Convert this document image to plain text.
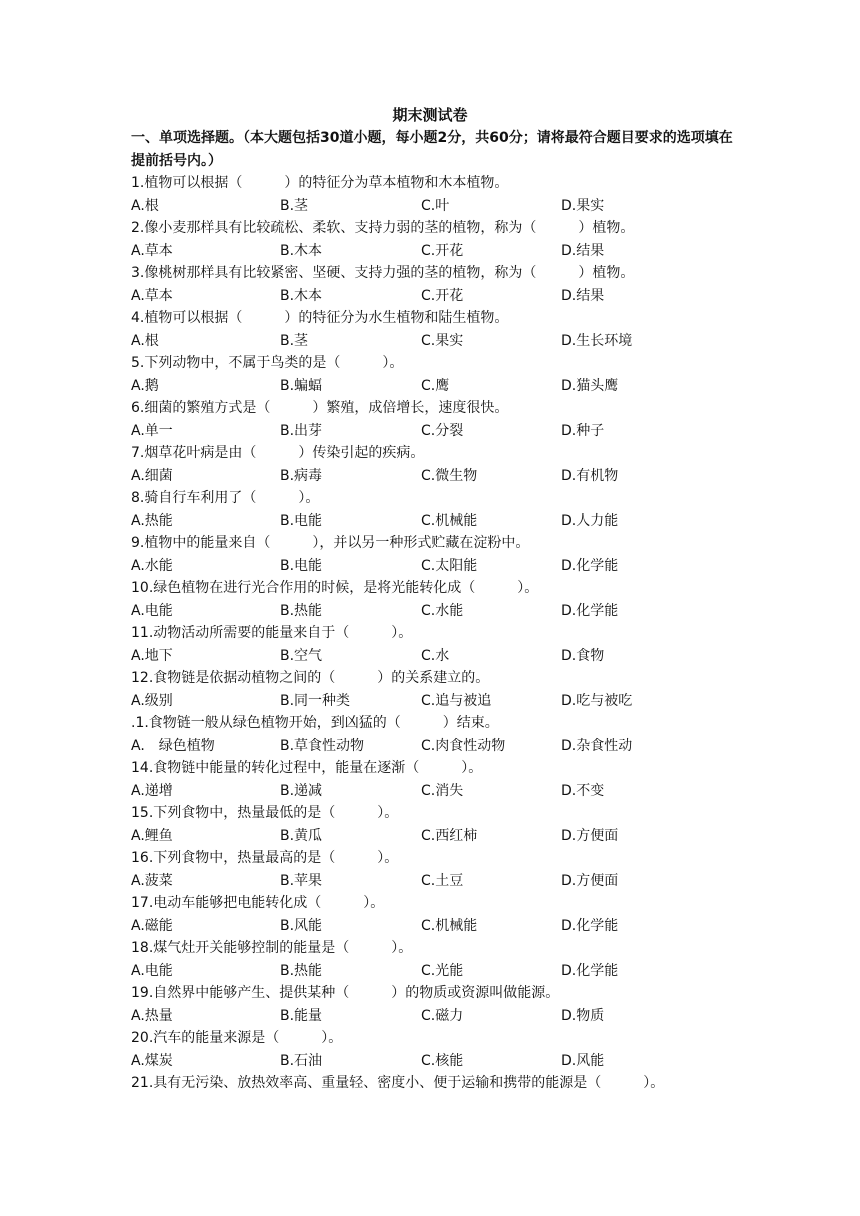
期末测试卷
一、单项选择题。（本大题包括30道小题，每小题2分，共60分；请将最符合题目要求的选项填在提前括号内。）
1.植物可以根据（　　　）的特征分为草本植物和木本植物。
A.根	B.茎	C.叶	D.果实
2.像小麦那样具有比较疏松、柔软、支持力弱的茎的植物，称为（　　　）植物。
A.草本	B.木本	C.开花	D.结果
3.像桃树那样具有比较紧密、坚硬、支持力强的茎的植物，称为（　　　）植物。
A.草本	B.木本	C.开花	D.结果
4.植物可以根据（　　　）的特征分为水生植物和陆生植物。
A.根	B.茎	C.果实	D.生长环境
5.下列动物中，不属于鸟类的是（　　　）。
A.鹅	B.蝙蝠	C.鹰	D.猫头鹰
6.细菌的繁殖方式是（　　　）繁殖，成倍增长，速度很快。
A.单一	B.出芽	C.分裂	D.种子
7.烟草花叶病是由（　　　）传染引起的疾病。
A.细菌	B.病毒	C.微生物	D.有机物
8.骑自行车利用了（　　　）。
A.热能	B.电能	C.机械能	D.人力能
9.植物中的能量来自（　　　），并以另一种形式贮藏在淀粉中。
A.水能	B.电能	C.太阳能	D.化学能
10.绿色植物在进行光合作用的时候，是将光能转化成（　　　）。
A.电能	B.热能	C.水能	D.化学能
11.动物活动所需要的能量来自于（　　　）。
A.地下	B.空气	C.水	D.食物
12.食物链是依据动植物之间的（　　　）的关系建立的。
A.级别	B.同一种类	C.追与被追	D.吃与被吃
.1.食物链一般从绿色植物开始，到凶猛的（　　　）结束。
A.　绿色植物	B.草食性动物	C.肉食性动物	D.杂食性动
14.食物链中能量的转化过程中，能量在逐渐（　　　）。
A.递增	B.递减	C.消失	D.不变
15.下列食物中，热量最低的是（　　　）。
A.鲤鱼	B.黄瓜	C.西红柿	D.方便面
16.下列食物中，热量最高的是（　　　）。
A.菠菜	B.苹果	C.土豆	D.方便面
17.电动车能够把电能转化成（　　　）。
A.磁能	B.风能	C.机械能	D.化学能
18.煤气灶开关能够控制的能量是（　　　）。
A.电能	B.热能	C.光能	D.化学能
19.自然界中能够产生、提供某种（　　　）的物质或资源叫做能源。
A.热量	B.能量	C.磁力	D.物质
20.汽车的能量来源是（　　　）。
A.煤炭	B.石油	C.核能	D.风能
21.具有无污染、放热效率高、重量轻、密度小、便于运输和携带的能源是（　　　）。
